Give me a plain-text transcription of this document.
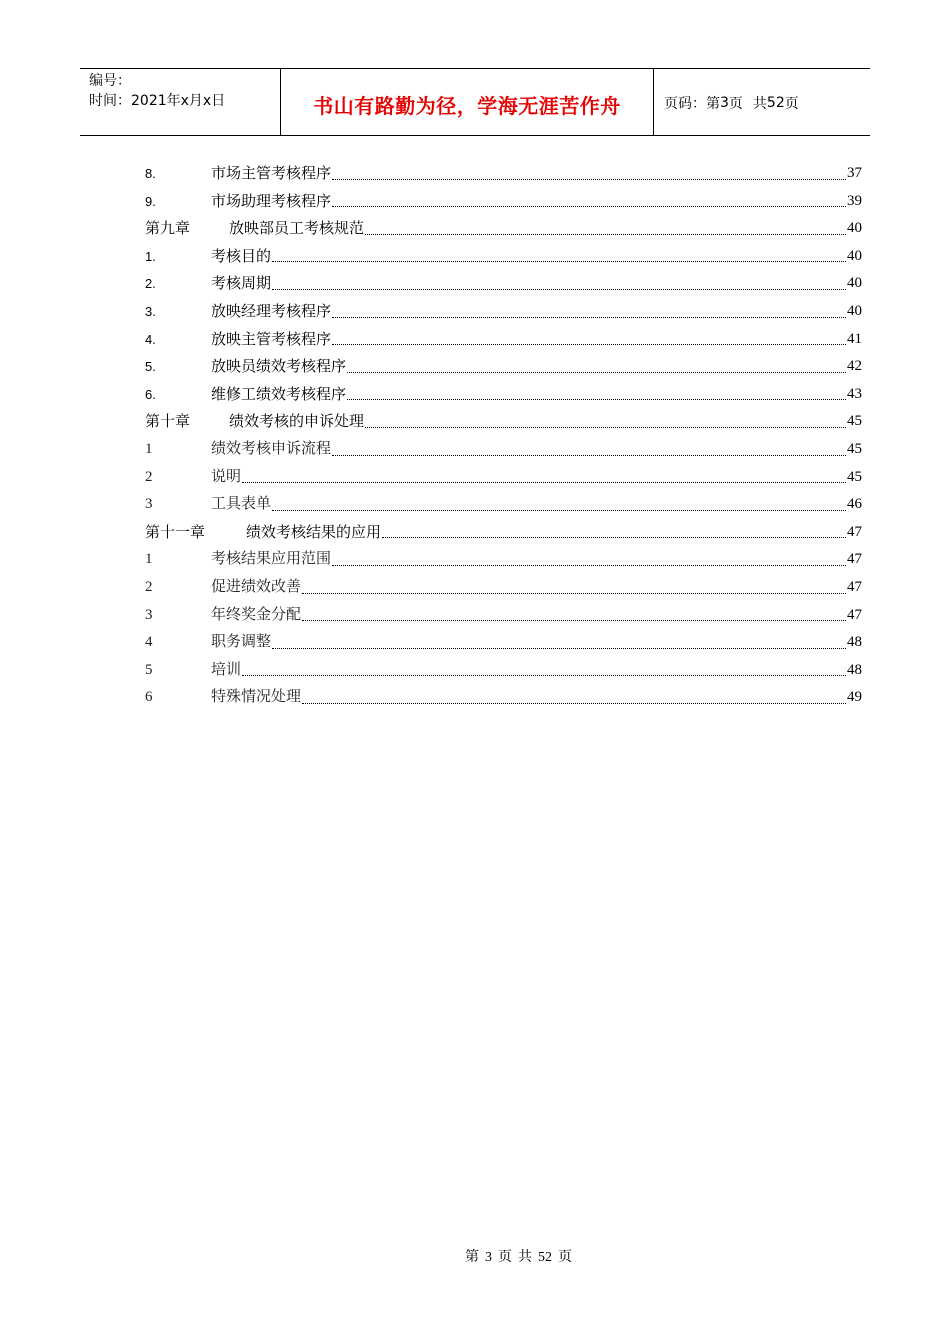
编号：
时间：2021年x月x日	书山有路勤为径，学海无涯苦作舟	页码：第 3 页 共 52 页
8.	市场主管考核程序	37
9.	市场助理考核程序	39
第九章	放映部员工考核规范	40
1.	考核目的	40
2.	考核周期	40
3.	放映经理考核程序	40
4.	放映主管考核程序	41
5.	放映员绩效考核程序	42
6.	维修工绩效考核程序	43
第十章	绩效考核的申诉处理	45
1	绩效考核申诉流程	45
2	说明	45
3	工具表单	46
第十一章	绩效考核结果的应用	47
1	考核结果应用范围	47
2	促进绩效改善	47
3	年终奖金分配	47
4	职务调整	48
5	培训	48
6	特殊情况处理	49
第 3 页 共 52 页
